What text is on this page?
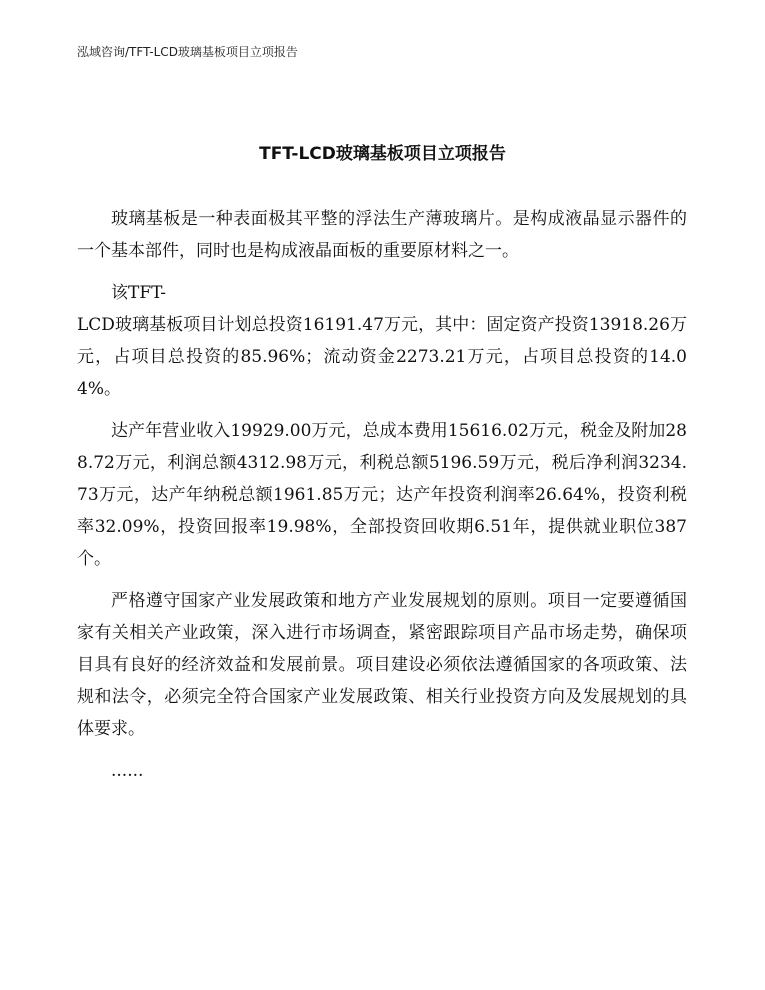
泓域咨询/TFT-LCD玻璃基板项目立项报告
TFT-LCD玻璃基板项目立项报告

玻璃基板是一种表面极其平整的浮法生产薄玻璃片。是构成液晶显示器件的一个基本部件，同时也是构成液晶面板的重要原材料之一。

该TFT-

LCD玻璃基板项目计划总投资16191.47万元，其中：固定资产投资13918.26万元，占项目总投资的85.96%；流动资金2273.21万元，占项目总投资的14.04%。

达产年营业收入19929.00万元，总成本费用15616.02万元，税金及附加288.72万元，利润总额4312.98万元，利税总额5196.59万元，税后净利润3234.73万元，达产年纳税总额1961.85万元；达产年投资利润率26.64%，投资利税率32.09%，投资回报率19.98%，全部投资回收期6.51年，提供就业职位387个。

严格遵守国家产业发展政策和地方产业发展规划的原则。项目一定要遵循国家有关相关产业政策，深入进行市场调查，紧密跟踪项目产品市场走势，确保项目具有良好的经济效益和发展前景。项目建设必须依法遵循国家的各项政策、法规和法令，必须完全符合国家产业发展政策、相关行业投资方向及发展规划的具体要求。

......
